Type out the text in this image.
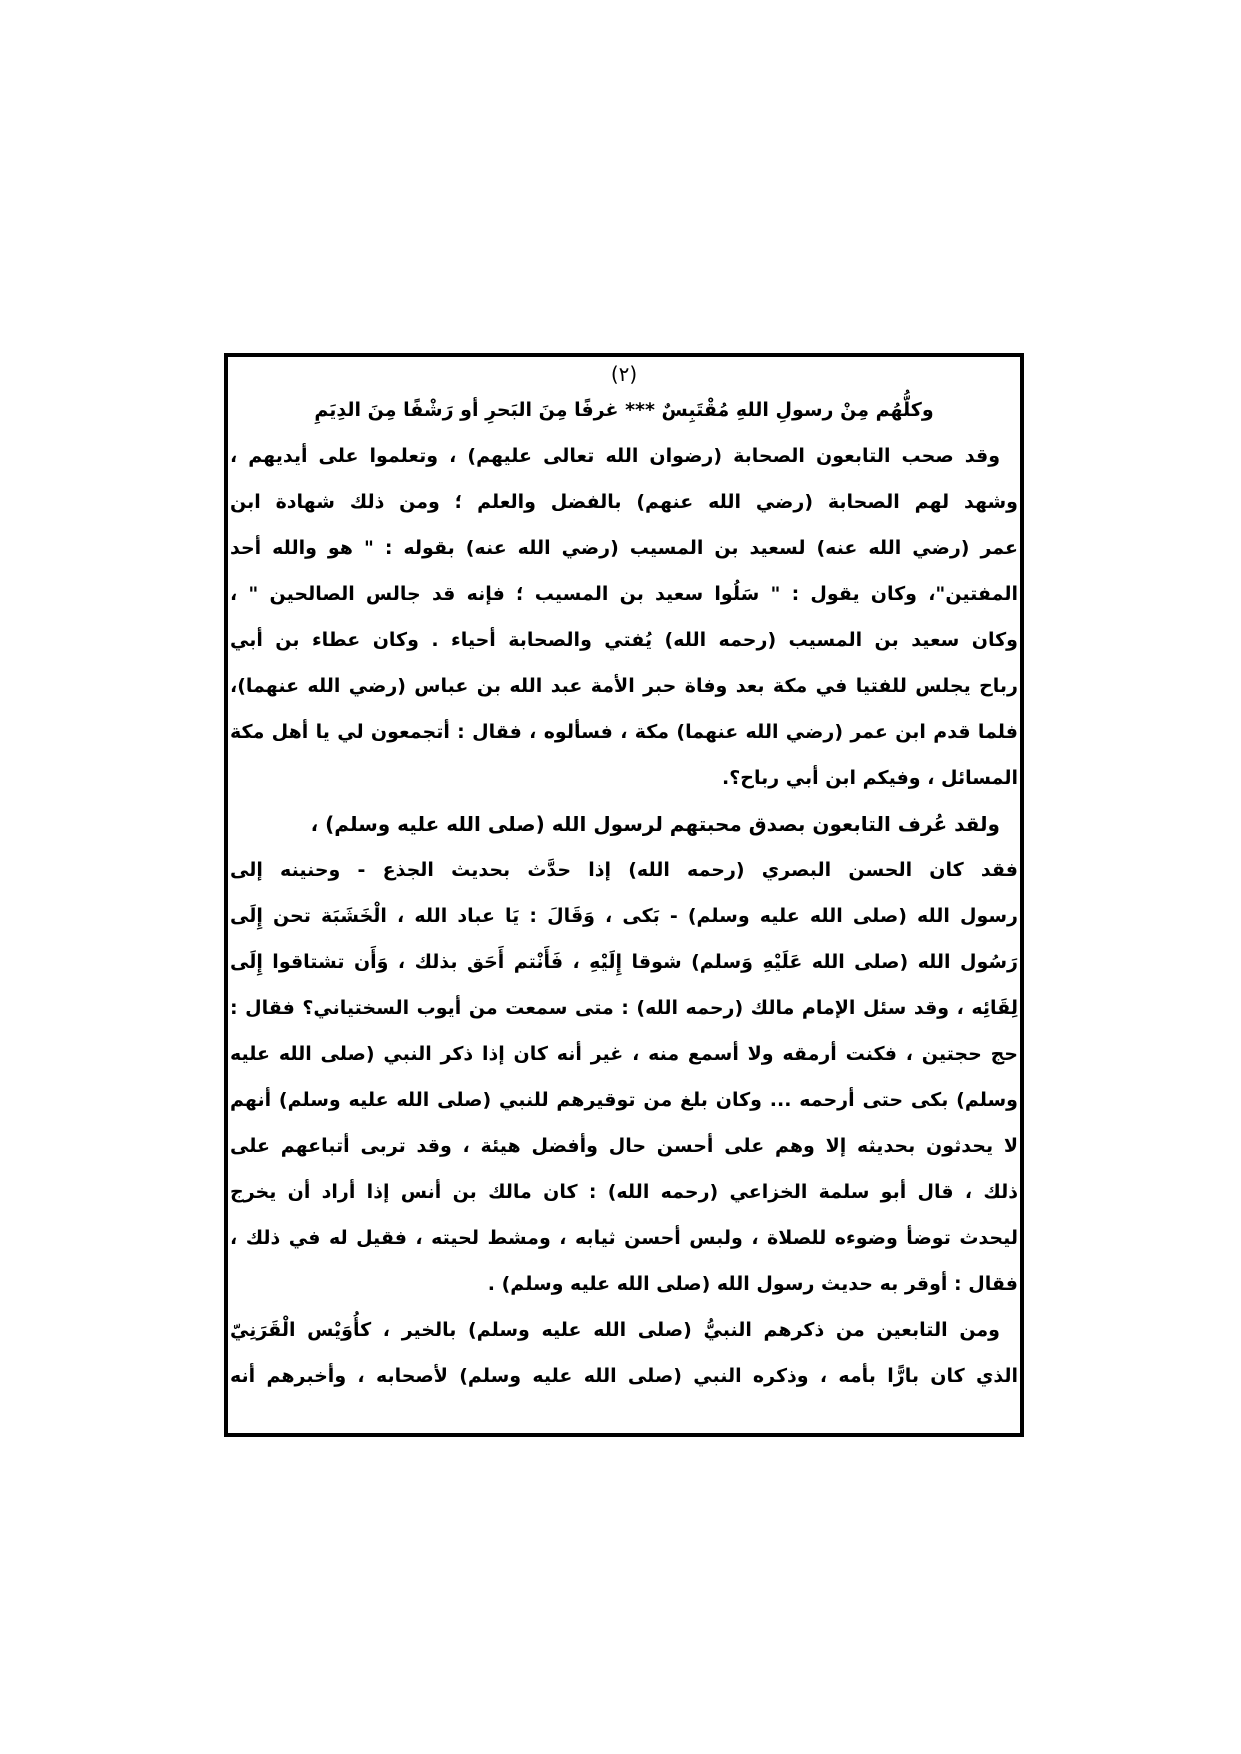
(٢)
وكلُّهُم مِنْ رسولِ اللهِ مُقْتَبِسٌ *** غرفًا مِنَ البَحرِ أو رَشْفًا مِنَ الدِيَمِ
وقد صحب التابعون الصحابة (رضوان الله تعالى عليهم) ، وتعلموا على أيديهم ،
وشهد لهم الصحابة (رضي الله عنهم) بالفضل والعلم ؛ ومن ذلك شهادة ابن
عمر (رضي الله عنه) لسعيد بن المسيب (رضي الله عنه) بقوله : " هو والله أحد
المفتين"، وكان يقول : " سَلُوا سعيد بن المسيب ؛ فإنه قد جالس الصالحين " ،
وكان سعيد بن المسيب (رحمه الله) يُفتي والصحابة أحياء . وكان عطاء بن أبي
رباح يجلس للفتيا في مكة بعد وفاة حبر الأمة عبد الله بن عباس (رضي الله عنهما)،
فلما قدم ابن عمر (رضي الله عنهما) مكة ، فسألوه ، فقال : أتجمعون لي يا أهل مكة
المسائل ، وفيكم ابن أبي رباح؟.
ولقد عُرف التابعون بصدق محبتهم لرسول الله (صلى الله عليه وسلم) ،
فقد كان الحسن البصري (رحمه الله) إذا حدَّث بحديث الجذع - وحنينه إلى
رسول الله (صلى الله عليه وسلم) - بَكى ، وَقَالَ : يَا عباد الله ، الْخَشَبَة تحن إِلَى
رَسُول الله (صلى الله عَلَيْهِ وَسلم) شوقا إِلَيْهِ ، فَأَنْتم أَحَق بذلك ، وَأَن تشتاقوا إِلَى
لِقَائِه ، وقد سئل الإمام مالك (رحمه الله) : متى سمعت من أيوب السختياني؟ فقال :
حج حجتين ، فكنت أرمقه ولا أسمع منه ، غير أنه كان إذا ذكر النبي (صلى الله عليه
وسلم) بكى حتى أرحمه ... وكان بلغ من توقيرهم للنبي (صلى الله عليه وسلم) أنهم
لا يحدثون بحديثه إلا وهم على أحسن حال وأفضل هيئة ، وقد تربى أتباعهم على
ذلك ، قال أبو سلمة الخزاعي (رحمه الله) : كان مالك بن أنس إذا أراد أن يخرج
ليحدث توضأ وضوءه للصلاة ، ولبس أحسن ثيابه ، ومشط لحيته ، فقيل له في ذلك ،
فقال : أوقر به حديث رسول الله (صلى الله عليه وسلم) .
ومن التابعين من ذكرهم النبيُّ (صلى الله عليه وسلم) بالخير ، كأُوَيْس الْقَرَنِيّ
الذي كان بارًّا بأمه ، وذكره النبي (صلى الله عليه وسلم) لأصحابه ، وأخبرهم أنه
